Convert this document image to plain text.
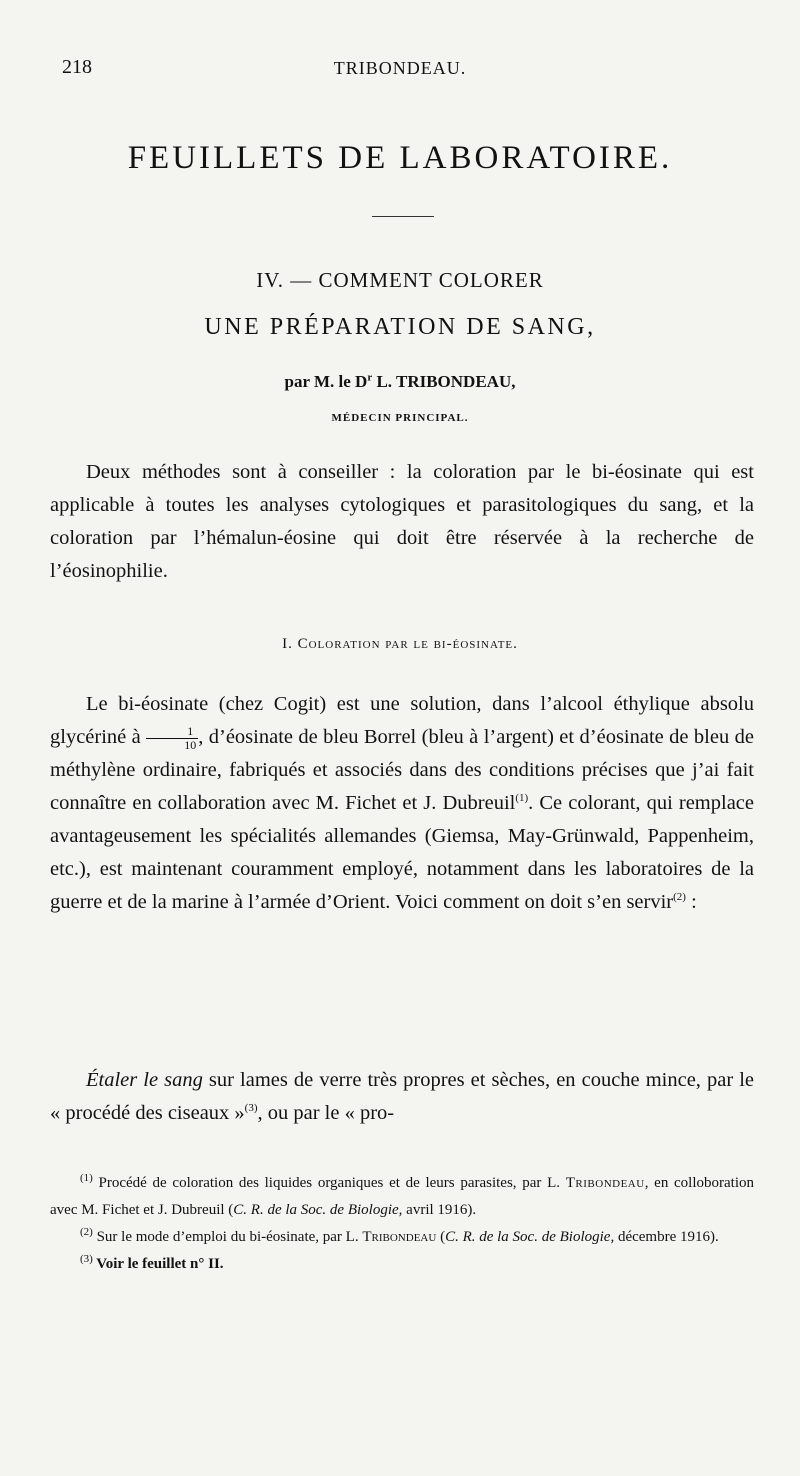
218	TRIBONDEAU.
FEUILLETS DE LABORATOIRE.
IV. — COMMENT COLORER
UNE PRÉPARATION DE SANG,
par M. le $D^r$ L. TRIBONDEAU,
MÉDECIN PRINCIPAL.

Deux méthodes sont à conseiller : la coloration par le bi-éosinate qui est applicable à toutes les analyses cytologiques et parasitologiques du sang, et la coloration par l’hémalun-éosine qui doit être réservée à la recherche de l’éosinophilie.

I. Coloration par le bi-éosinate.

Le bi-éosinate (chez Cogit) est une solution, dans l’alcool éthylique absolu glycériné à $\frac{1}{10}$ , d’éosinate de bleu Borrel (bleu à l’argent) et d’éosinate de bleu de méthylène ordinaire, fabriqués et associés dans des conditions précises que j’ai fait connaître en collaboration avec M. Fichet et J. Dubreuil$^{(1)}$. Ce colorant, qui remplace avantageusement les spécialités allemandes (Giemsa, May-Grünwald, Pappenheim, etc.), est maintenant couramment employé, notamment dans les laboratoires de la guerre et de la marine à l’armée d’Orient. Voici comment on doit s’en servir$^{(2)}$ :

Étaler le sang sur lames de verre très propres et sèches, en couche mince, par le « procédé des ciseaux »$^{(3)}$, ou par le « pro-

$^{(1)}$ Procédé de coloration des liquides organiques et de leurs parasites, par L. Tribondeau, en colloboration avec M. Fichet et J. Dubreuil (C. R. de la Soc. de Biologie, avril 1916).

$^{(2)}$ Sur le mode d’emploi du bi-éosinate, par L. Tribondeau (C. R. de la Soc. de Biologie, décembre 1916).

$^{(3)}$ Voir le feuillet n° II.
